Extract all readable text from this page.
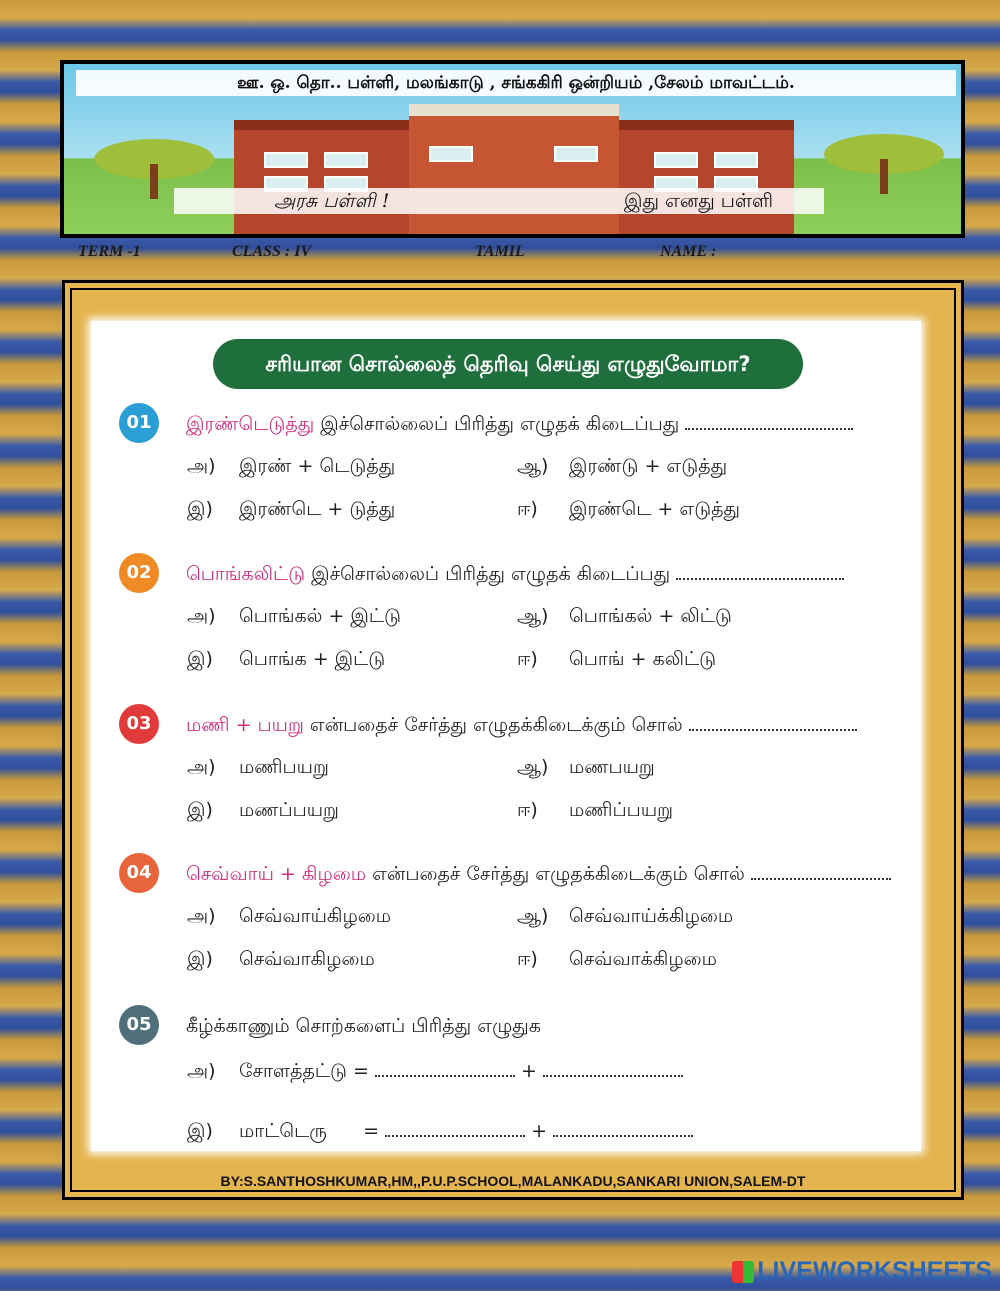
ஊ. ஒ. தொ.. பள்ளி, மலங்காடு , சங்ககிரி ஒன்றியம் ,சேலம் மாவட்டம்.
அரசு பள்ளி !	இது எனது பள்ளி
TERM -1	CLASS : IV	TAMIL	NAME :
சரியான சொல்லைத் தெரிவு செய்து எழுதுவோமா?
01	இரண்டெடுத்து இச்சொல்லைப் பிரித்து எழுதக் கிடைப்பது
அ) இரண் + டெடுத்து	ஆ) இரண்டு + எடுத்து
இ) இரண்டெ + டுத்து	ஈ) இரண்டெ + எடுத்து
02	பொங்கலிட்டு இச்சொல்லைப் பிரித்து எழுதக் கிடைப்பது
அ) பொங்கல் + இட்டு	ஆ) பொங்கல் + லிட்டு
இ) பொங்க + இட்டு	ஈ) பொங் + கலிட்டு
03	மணி + பயறு என்பதைச் சேர்த்து எழுதக்கிடைக்கும் சொல்
அ) மணிபயறு	ஆ) மணபயறு
இ) மணப்பயறு	ஈ) மணிப்பயறு
04	செவ்வாய் + கிழமை என்பதைச் சேர்த்து எழுதக்கிடைக்கும் சொல்
அ) செவ்வாய்கிழமை	ஆ) செவ்வாய்க்கிழமை
இ) செவ்வாகிழமை	ஈ) செவ்வாக்கிழமை
05	கீழ்க்காணும் சொற்களைப் பிரித்து எழுதுக
அ) சோளத்தட்டு =	+
இ) மாட்டெரு      =	+
BY:S.SANTHOSHKUMAR,HM,,P.U.P.SCHOOL,MALANKADU,SANKARI UNION,SALEM-DT
LIVEWORKSHEETS
